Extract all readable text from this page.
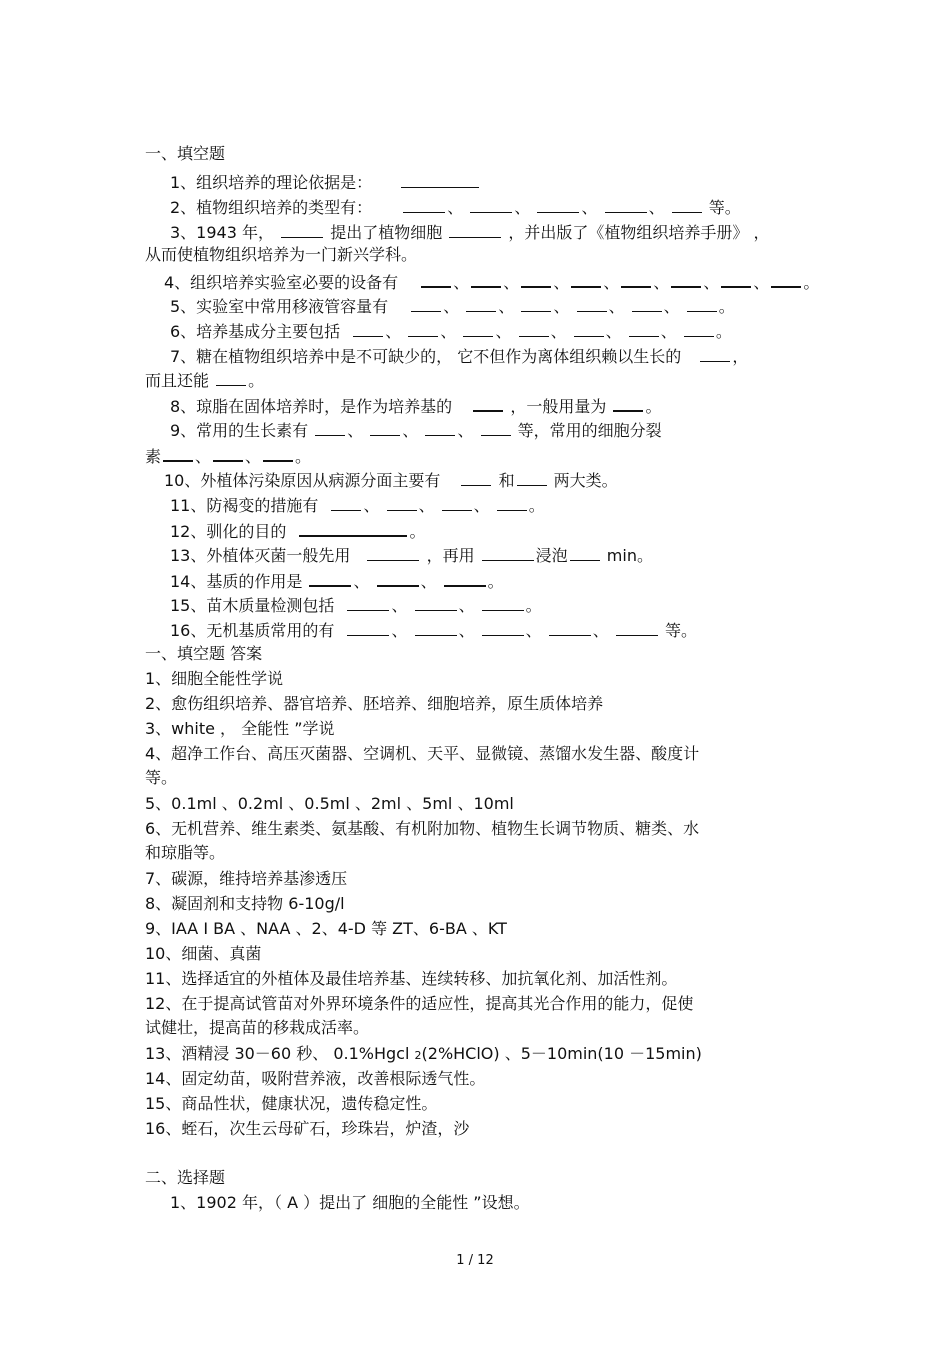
一、填空题
1、组织培养的理论依据是：
2、植物组织培养的类型有：	、	、	、	、  等。
3、1943 年，	提出了植物细胞	，并出版了《植物组织培养手册》 ，
从而使植物组织培养为一门新兴学科。
4、组织培养实验室必要的设备有	、 、 、 、 、 、 、 。
5、实验室中常用移液管容量有	、 、 、 、 、 。
6、培养基成分主要包括	、 、 、 、 、 、 。
7、糖在植物组织培养中是不可缺少的， 它不但作为离体组织赖以生长的	，
而且还能 。
8、琼脂在固体培养时，是作为培养基的	，一般用量为 。
9、常用的生长素有 、 、 、  等，常用的细胞分裂
素 、 、 。
10、外植体污染原因从病源分面主要有	和 两大类。
11、防褐变的措施有	、 、 、 。
12、驯化的目的	。
13、外植体灭菌一般先用	，再用	浸泡 min。
14、基质的作用是	、	、	。
15、苗木质量检测包括	、	、	。
16、无机基质常用的有	、	、	、	、	等。
一、填空题 答案
1、细胞全能性学说
2、愈伤组织培养、器官培养、胚培养、细胞培养，原生质体培养
3、white ， 全能性 ”学说
4、超净工作台、高压灭菌器、空调机、天平、显微镜、蒸馏水发生器、酸度计
等。
5、0.1ml 、0.2ml 、0.5ml 、2ml 、5ml 、10ml
6、无机营养、维生素类、氨基酸、有机附加物、植物生长调节物质、糖类、水
和琼脂等。
7、碳源，维持培养基渗透压
8、凝固剂和支持物 6-10g/l
9、IAA I BA 、NAA 、2、4-D 等 ZT、6-BA 、KT
10、细菌、真菌
11、选择适宜的外植体及最佳培养基、连续转移、加抗氧化剂、加活性剂。
12、在于提高试管苗对外界环境条件的适应性，提高其光合作用的能力，促使
试健壮，提高苗的移栽成活率。
13、酒精浸 30－60 秒、 0.1%Hgcl 2(2%HClO) 、5－10min(10 －15min)
14、固定幼苗，吸附营养液，改善根际透气性。
15、商品性状，健康状况，遗传稳定性。
16、蛭石，次生云母矿石，珍珠岩，炉渣，沙
二、选择题
1、1902 年，（ A ）提出了 细胞的全能性 ”设想。
1 / 12
